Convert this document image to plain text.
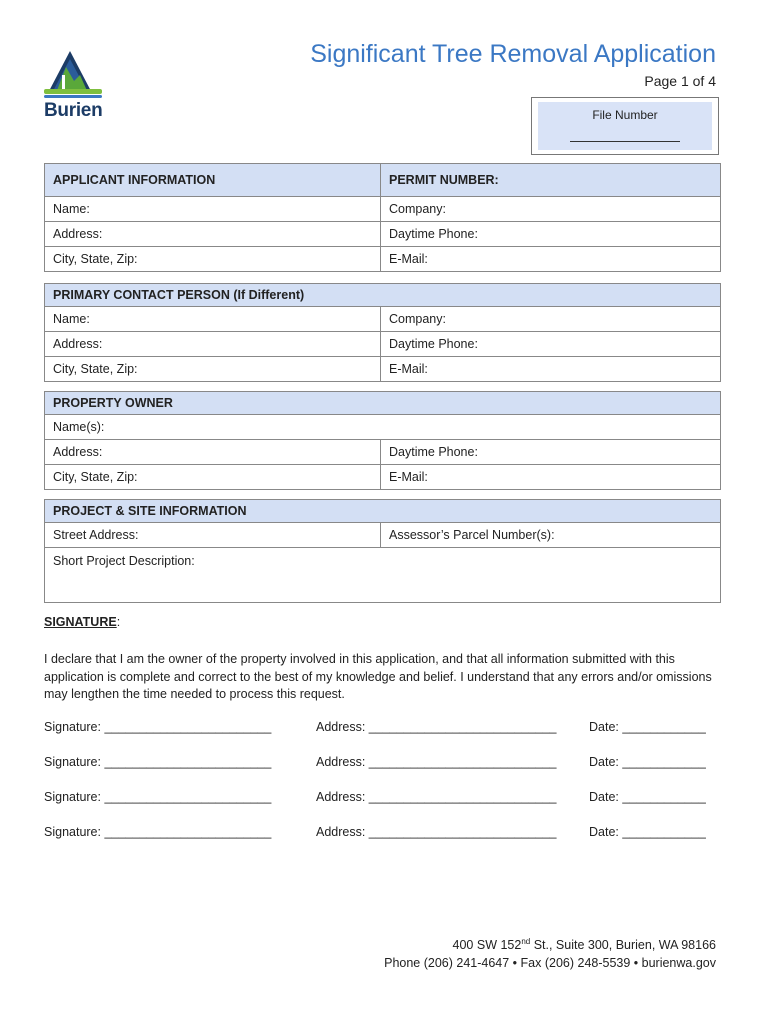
Burien
Significant Tree Removal Application
Page 1 of 4
File Number
APPLICANT INFORMATION	PERMIT NUMBER:
Name:	Company:
Address:	Daytime Phone:
City, State, Zip:	E-Mail:
PRIMARY CONTACT PERSON (If Different)	
Name:	Company:
Address:	Daytime Phone:
City, State, Zip:	E-Mail:
PROPERTY OWNER	
Name(s):	
Address:	Daytime Phone:
City, State, Zip:	E-Mail:
PROJECT & SITE INFORMATION
Street Address:	Assessor’s Parcel Number(s):
Short Project Description:
SIGNATURE:
I declare that I am the owner of the property involved in this application, and that all information submitted with this application is complete and correct to the best of my knowledge and belief. I understand that any errors and/or omissions may lengthen the time needed to process this request.
Signature: ________________________	Address: ___________________________	Date: ____________
Signature: ________________________	Address: ___________________________	Date: ____________
Signature: ________________________	Address: ___________________________	Date: ____________
Signature: ________________________	Address: ___________________________	Date: ____________
400 SW 152nd St., Suite 300, Burien, WA 98166
Phone (206) 241-4647 • Fax (206) 248-5539 • burienwa.gov
